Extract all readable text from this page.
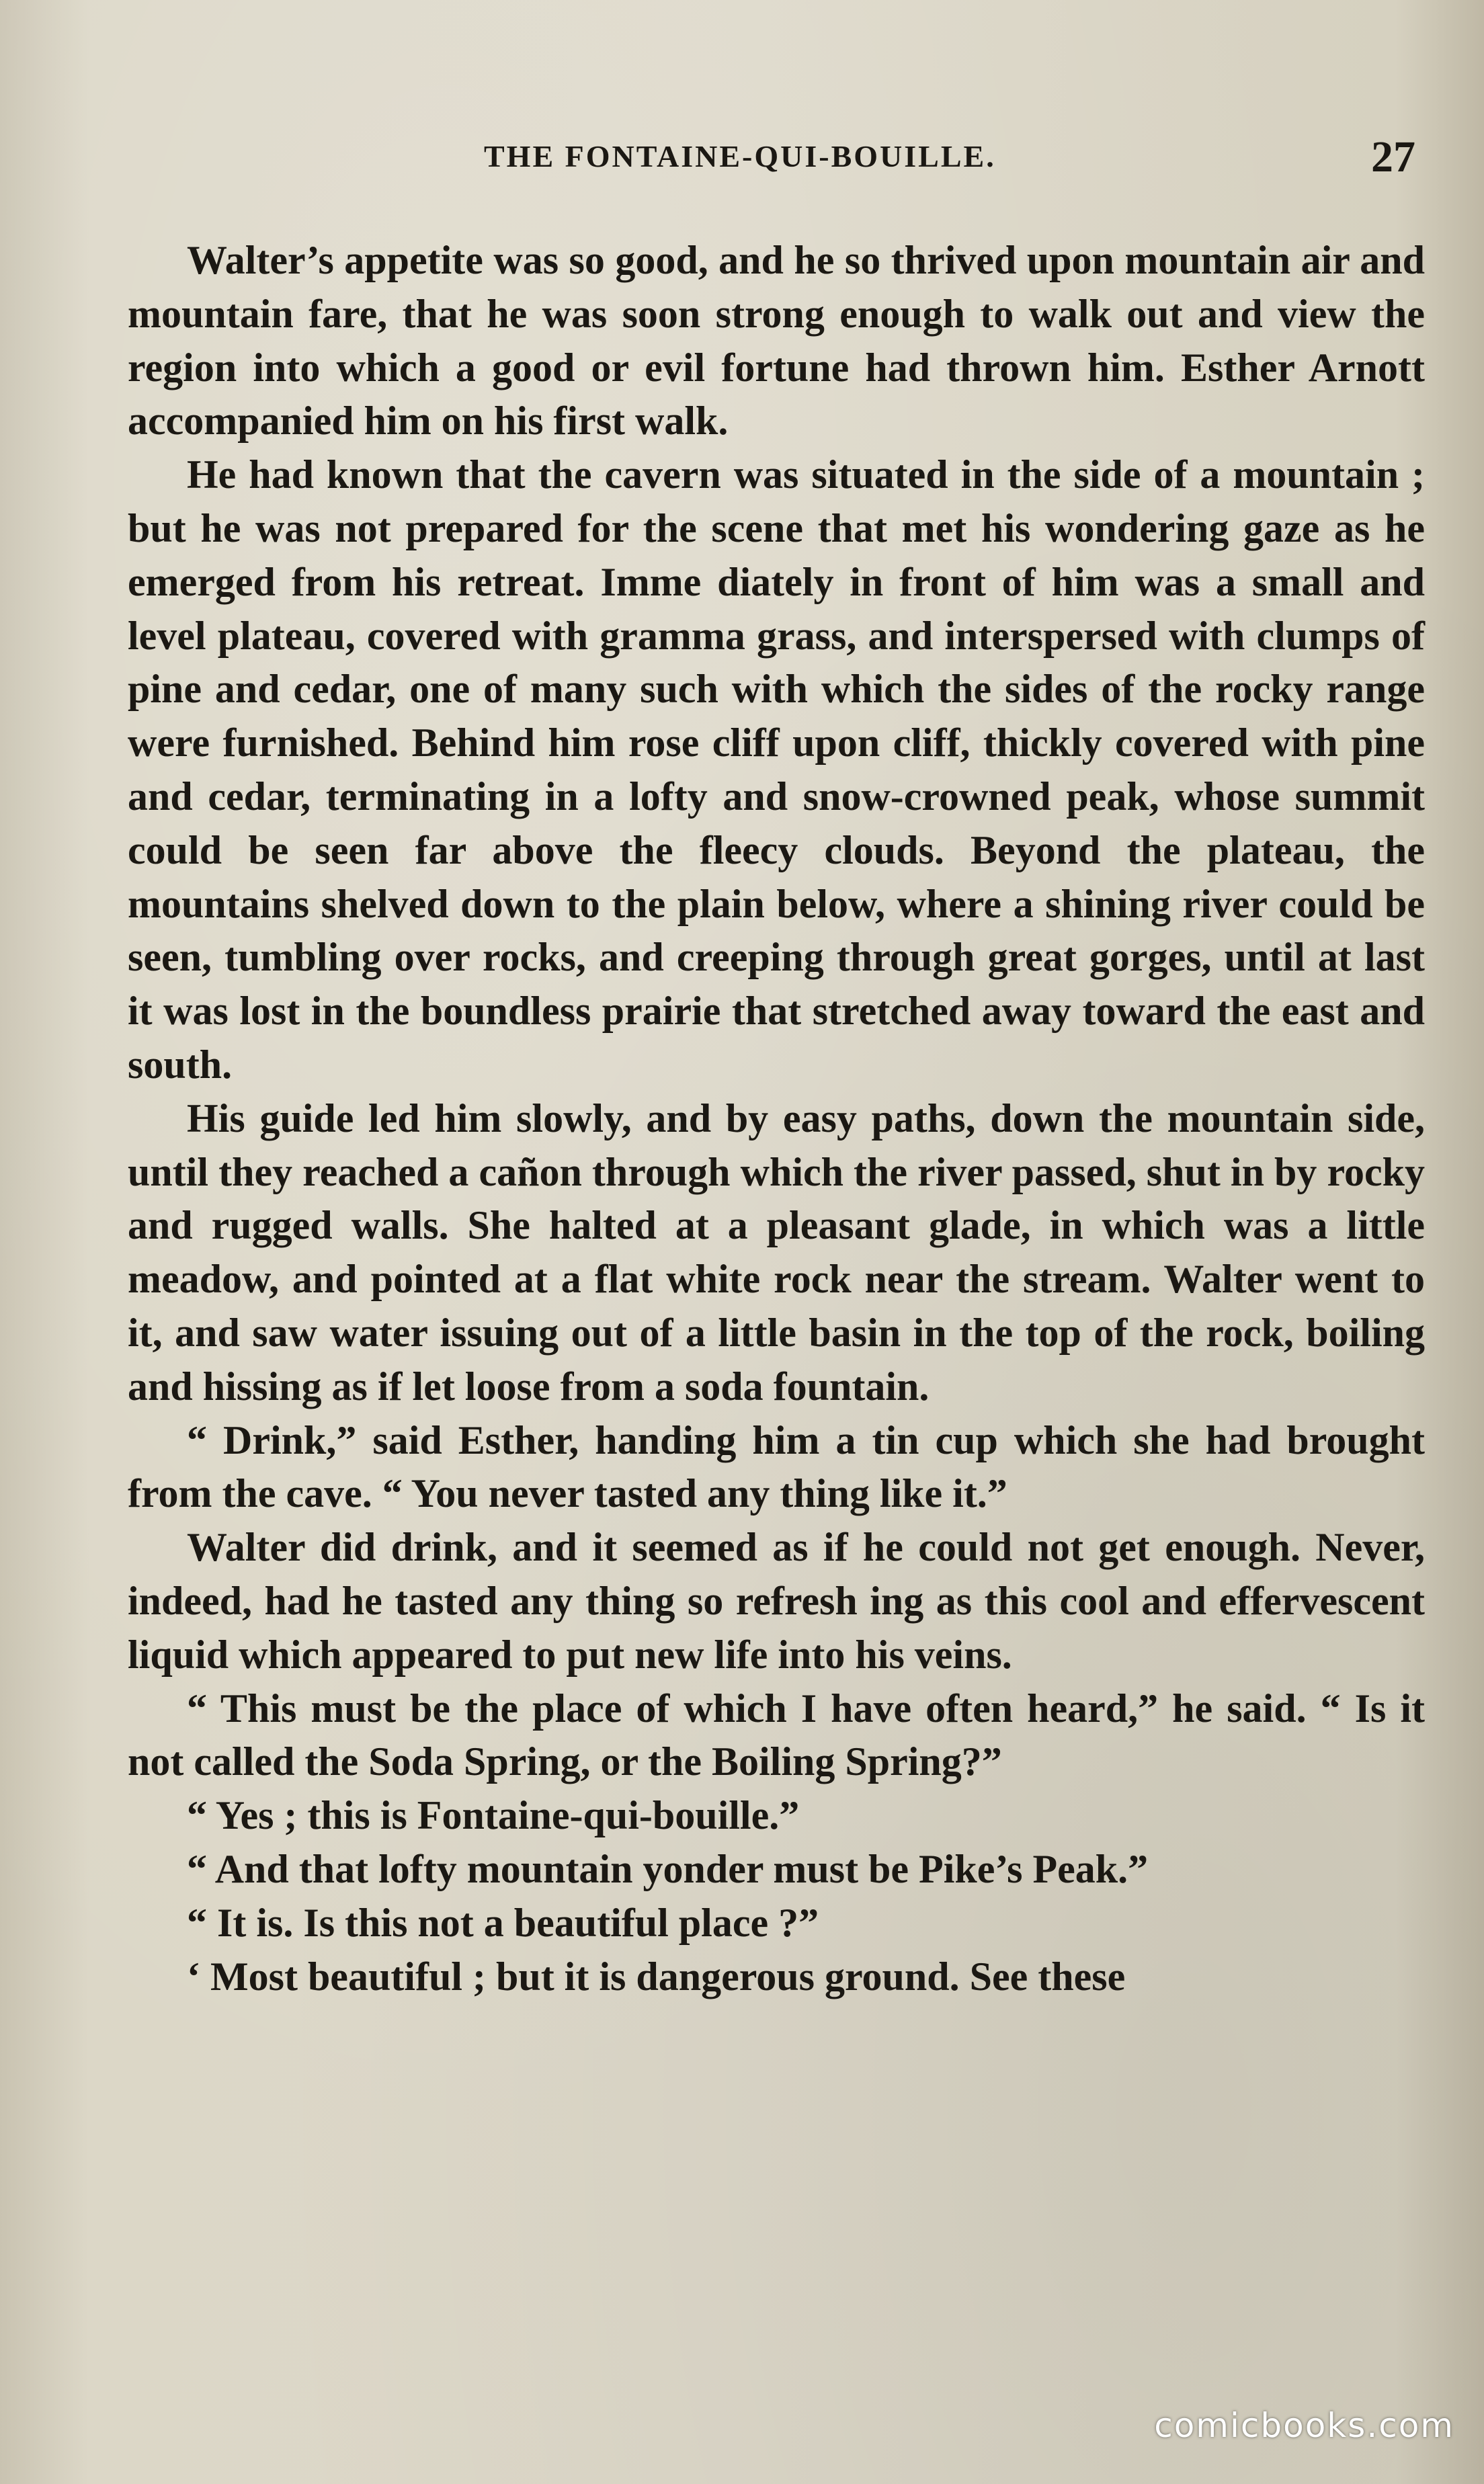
THE FONTAINE-QUI-BOUILLE.	27

Walter’s appetite was so good, and he so thrived upon mountain air and mountain fare, that he was soon strong enough to walk out and view the region into which a good or evil fortune had thrown him. Esther Arnott accompanied him on his first walk.

He had known that the cavern was situated in the side of a mountain ; but he was not prepared for the scene that met his wondering gaze as he emerged from his retreat. Imme diately in front of him was a small and level plateau, covered with gramma grass, and interspersed with clumps of pine and cedar, one of many such with which the sides of the rocky range were furnished. Behind him rose cliff upon cliff, thickly covered with pine and cedar, terminating in a lofty and snow-crowned peak, whose summit could be seen far above the fleecy clouds. Beyond the plateau, the mountains shelved down to the plain below, where a shining river could be seen, tumbling over rocks, and creeping through great gorges, until at last it was lost in the boundless prairie that stretched away toward the east and south.

His guide led him slowly, and by easy paths, down the mountain side, until they reached a cañon through which the river passed, shut in by rocky and rugged walls. She halted at a pleasant glade, in which was a little meadow, and pointed at a flat white rock near the stream. Walter went to it, and saw water issuing out of a little basin in the top of the rock, boiling and hissing as if let loose from a soda fountain.

“ Drink,” said Esther, handing him a tin cup which she had brought from the cave. “ You never tasted any thing like it.”

Walter did drink, and it seemed as if he could not get enough. Never, indeed, had he tasted any thing so refresh ing as this cool and effervescent liquid which appeared to put new life into his veins.

“ This must be the place of which I have often heard,” he said. “ Is it not called the Soda Spring, or the Boiling Spring?”

“ Yes ; this is Fontaine-qui-bouille.”

“ And that lofty mountain yonder must be Pike’s Peak.”

“ It is. Is this not a beautiful place ?”

‘ Most beautiful ; but it is dangerous ground. See these

comicbooks.com
